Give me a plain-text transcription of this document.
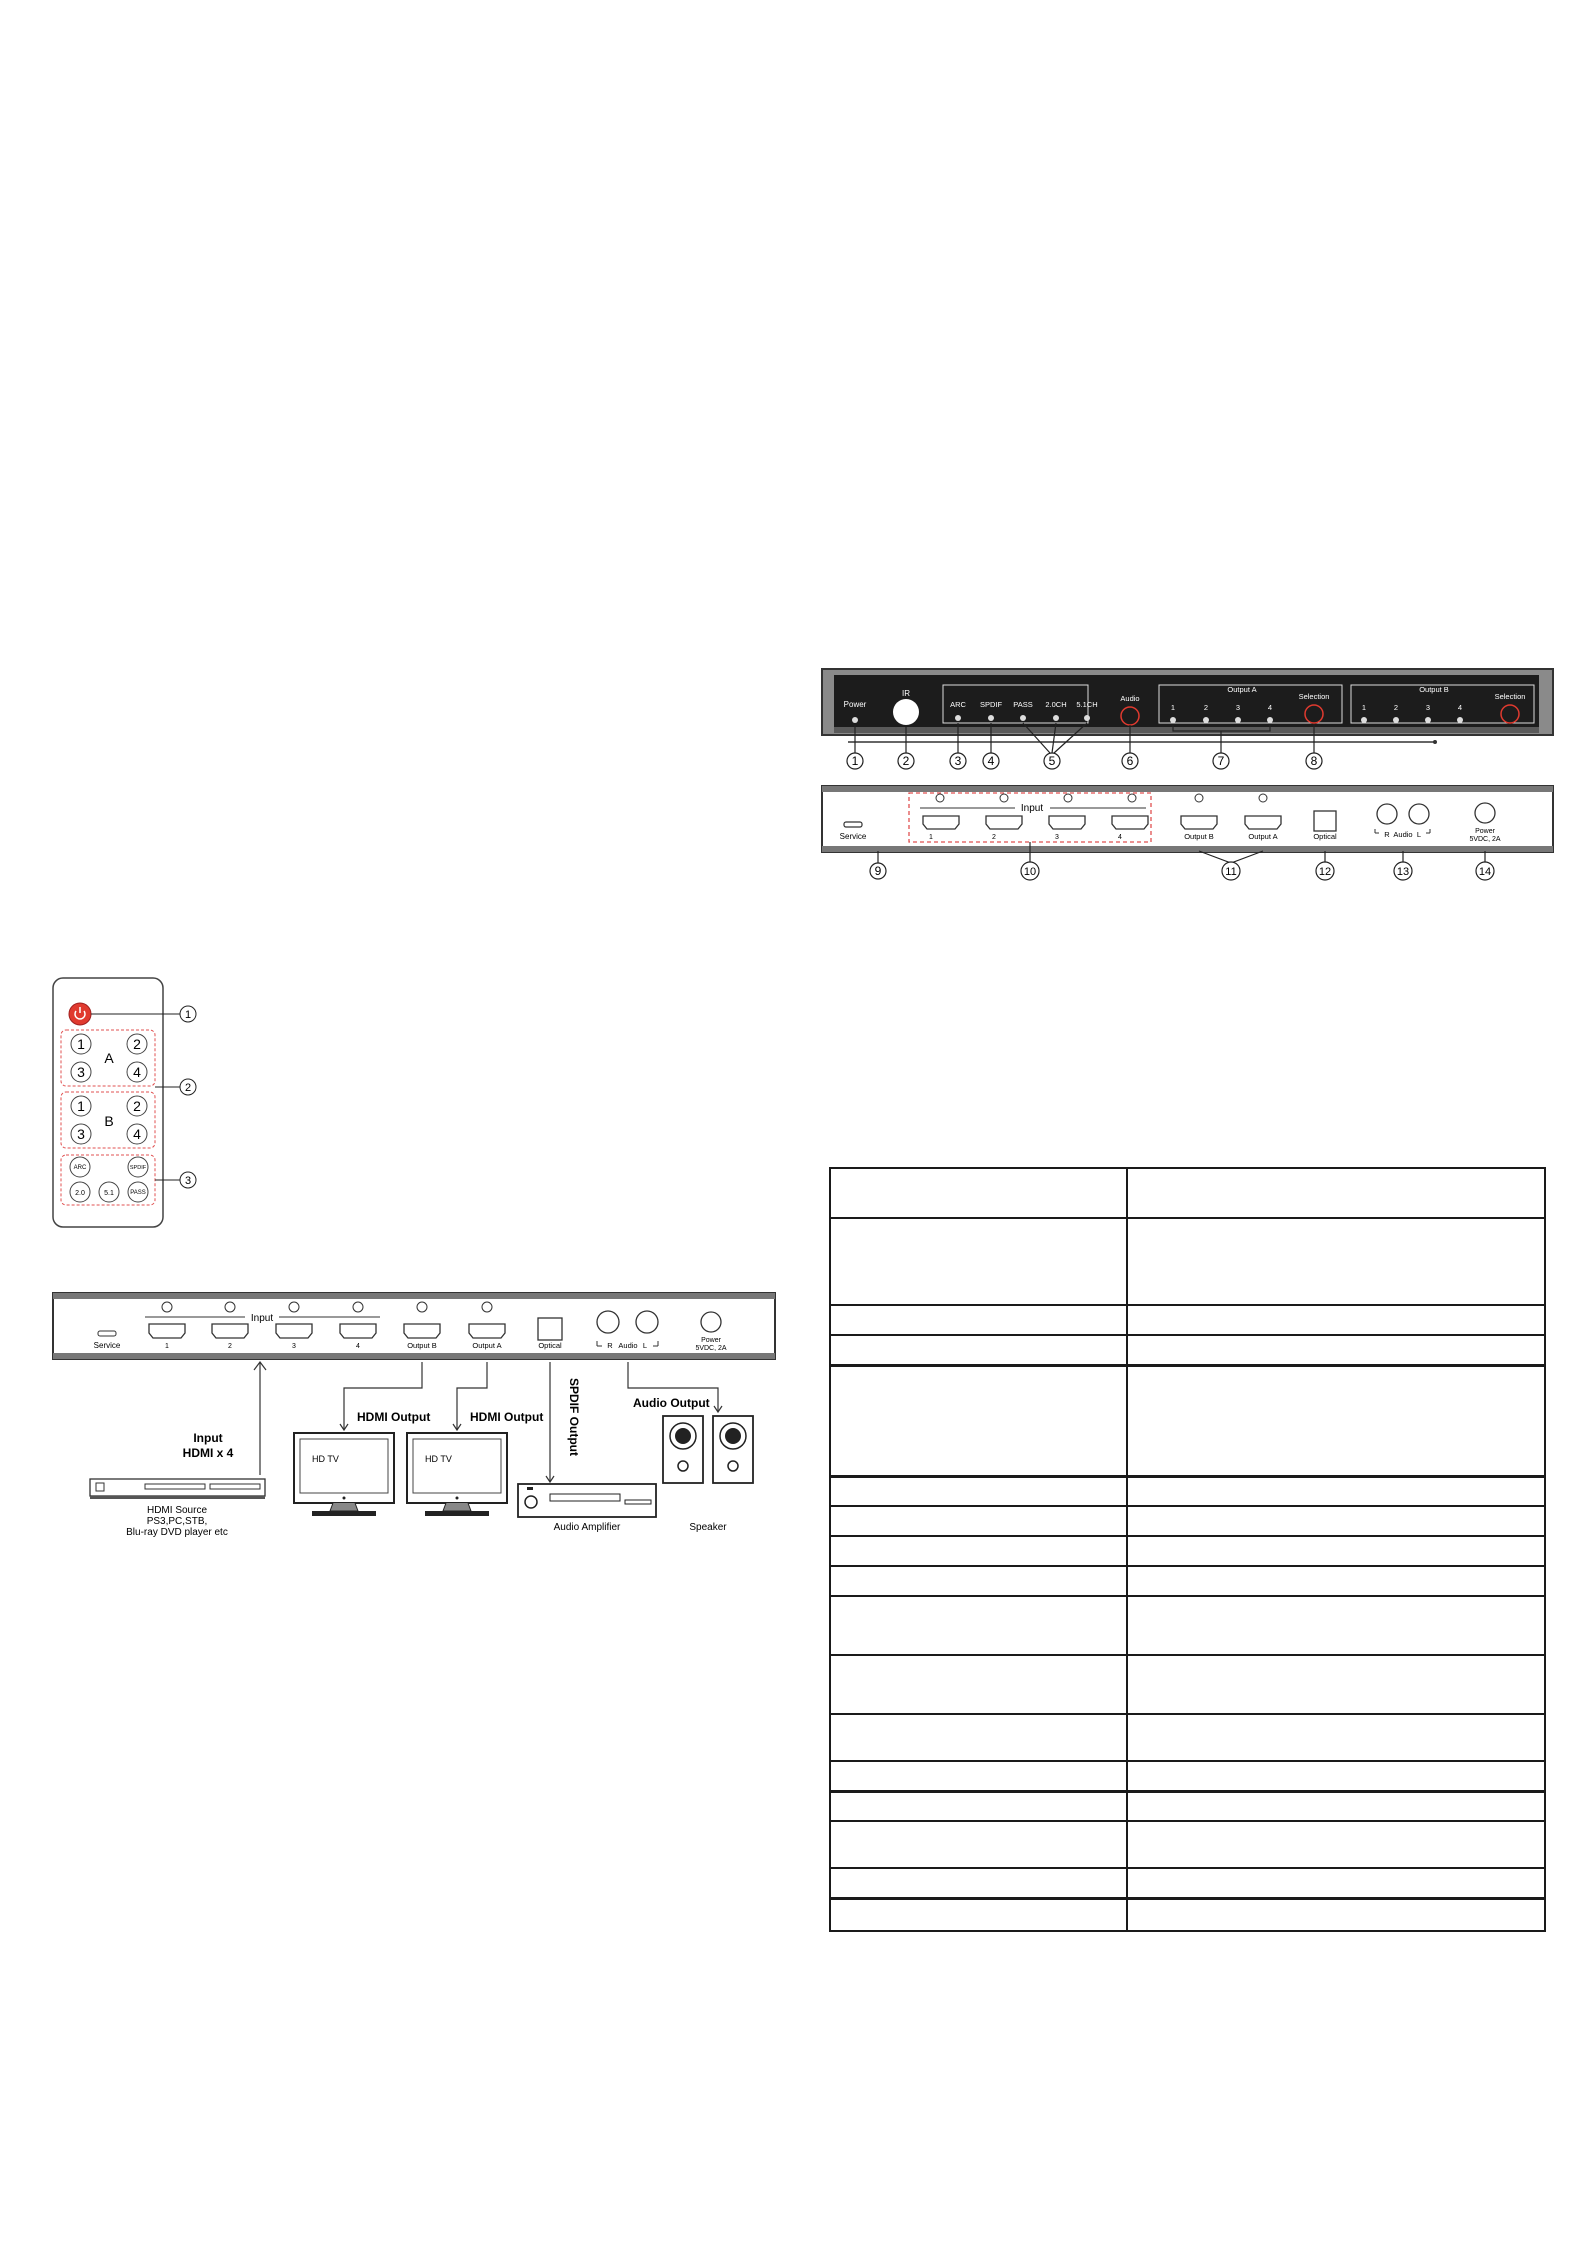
Power
IR
ARC SPDIF PASS 2.0CH 5.1CH
Audio
Output A
1	2	3	4
Selection
Output B
1	2	3	4
Selection
1	2	3 4	5	6	7	8
Service
Input
1	2	3	4	Output B	Output A	Optical	R Audio L	Power
5VDC, 2A
9	10	11	12	13	14
1
1	2
3	4
A
2
1	2
3	4
B
ARC	SPDIF
2.0	5.1	PASS
3
Service
Input
1	2	3	4	Output B	Output A	Optical	R Audio L
Power
5VDC, 2A
Input
HDMI x 4
HDMI Output	HDMI Output SPDIF Output	Audio Output
HDMI Source
PS3,PC,STB,
Blu-ray DVD player etc
HD TV	HD TV
Audio Amplifier	Speaker
